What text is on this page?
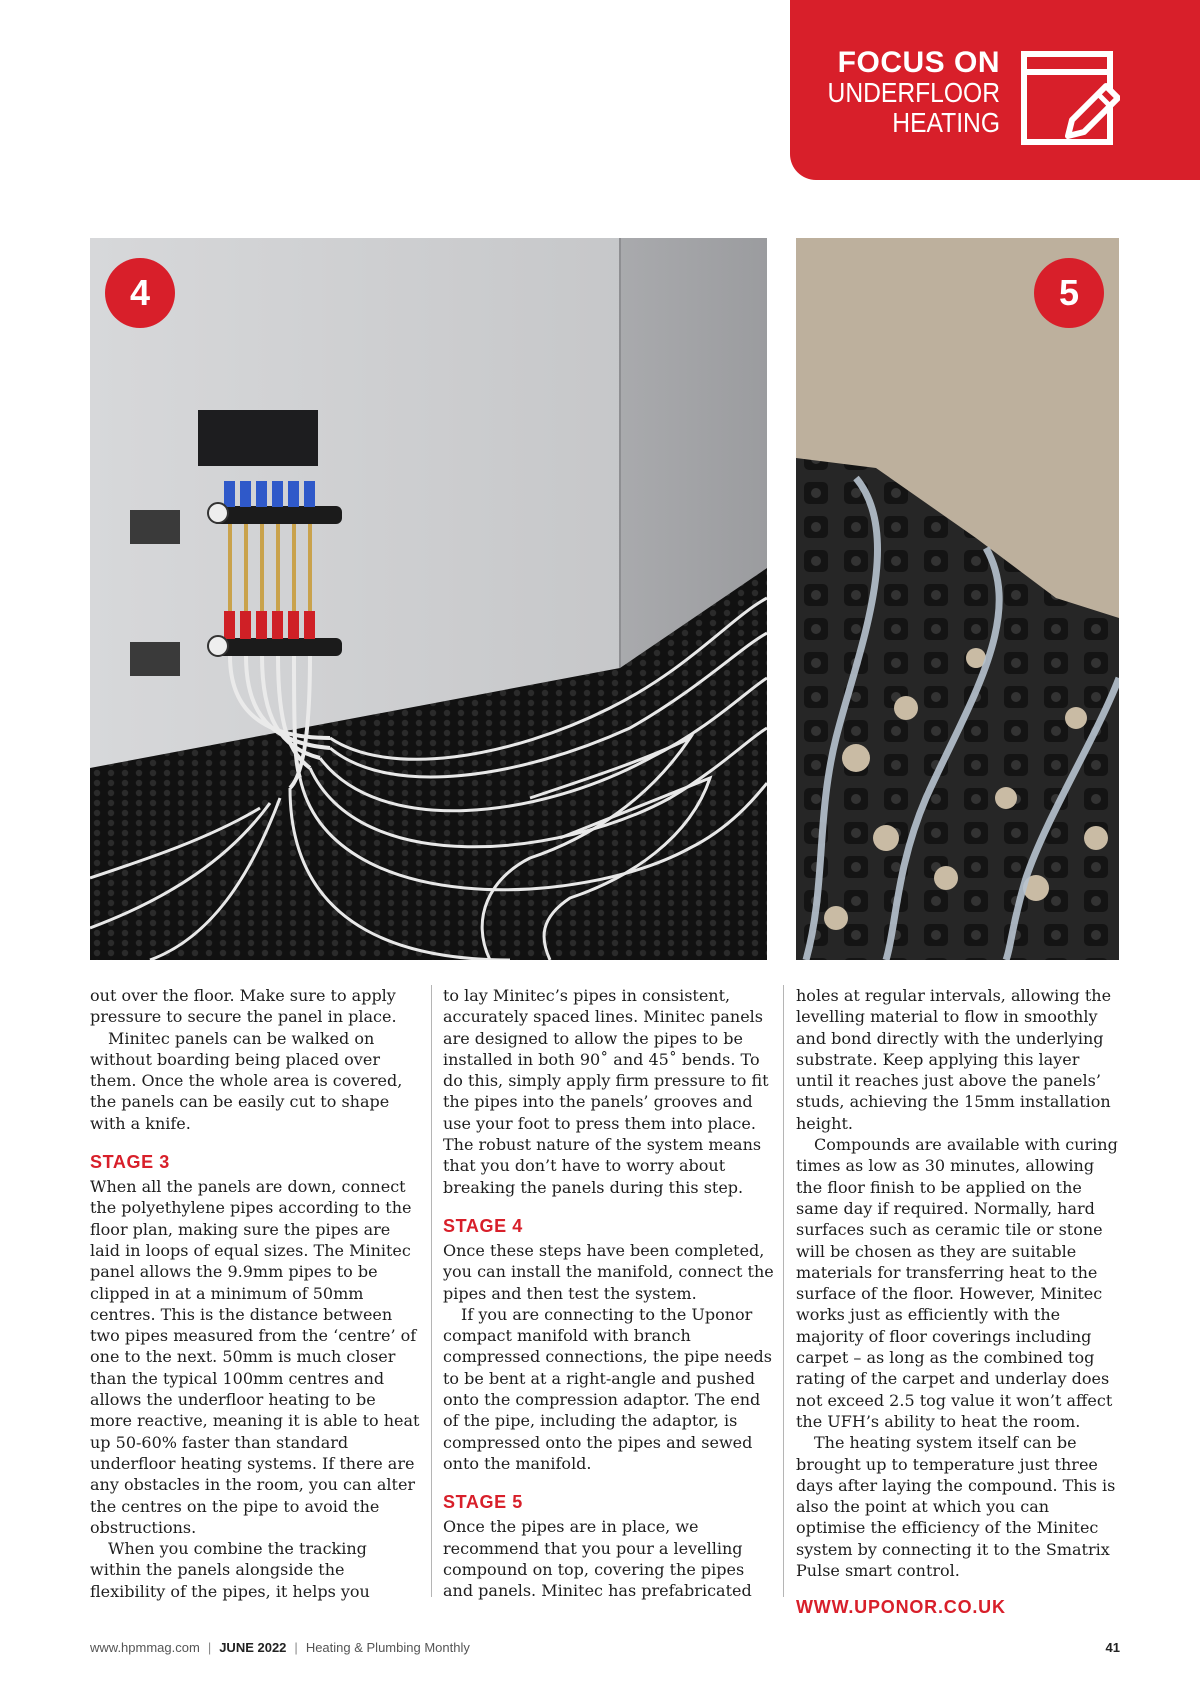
FOCUS ON
UNDERFLOOR
HEATING
4	5

out over the floor. Make sure to apply pressure to secure the panel in place.

Minitec panels can be walked on without boarding being placed over them. Once the whole area is covered, the panels can be easily cut to shape with a knife.

STAGE 3

When all the panels are down, connect the polyethylene pipes according to the floor plan, making sure the pipes are laid in loops of equal sizes. The Minitec panel allows the 9.9mm pipes to be clipped in at a minimum of 50mm centres. This is the distance between two pipes measured from the ‘centre’ of one to the next. 50mm is much closer than the typical 100mm centres and allows the underfloor heating to be more reactive, meaning it is able to heat up 50-60% faster than standard underfloor heating systems. If there are any obstacles in the room, you can alter the centres on the pipe to avoid the obstructions.

When you combine the tracking within the panels alongside the flexibility of the pipes, it helps you

to lay Minitec’s pipes in consistent, accurately spaced lines. Minitec panels are designed to allow the pipes to be installed in both 90˚ and 45˚ bends. To do this, simply apply firm pressure to fit the pipes into the panels’ grooves and use your foot to press them into place. The robust nature of the system means that you don’t have to worry about breaking the panels during this step.

STAGE 4

Once these steps have been completed, you can install the manifold, connect the pipes and then test the system.

If you are connecting to the Uponor compact manifold with branch compressed connections, the pipe needs to be bent at a right-angle and pushed onto the compression adaptor. The end of the pipe, including the adaptor, is compressed onto the pipes and sewed onto the manifold.

STAGE 5

Once the pipes are in place, we recommend that you pour a levelling compound on top, covering the pipes and panels. Minitec has prefabricated

holes at regular intervals, allowing the levelling material to flow in smoothly and bond directly with the underlying substrate. Keep applying this layer until it reaches just above the panels’ studs, achieving the 15mm installation height.

Compounds are available with curing times as low as 30 minutes, allowing the floor finish to be applied on the same day if required. Normally, hard surfaces such as ceramic tile or stone will be chosen as they are suitable materials for transferring heat to the surface of the floor. However, Minitec works just as efficiently with the majority of floor coverings including carpet – as long as the combined tog rating of the carpet and underlay does not exceed 2.5 tog value it won’t affect the UFH’s ability to heat the room.

The heating system itself can be brought up to temperature just three days after laying the compound. This is also the point at which you can optimise the efficiency of the Minitec system by connecting it to the Smatrix Pulse smart control.

WWW.UPONOR.CO.UK
www.hpmmag.com | JUNE 2022 | Heating & Plumbing Monthly	41
